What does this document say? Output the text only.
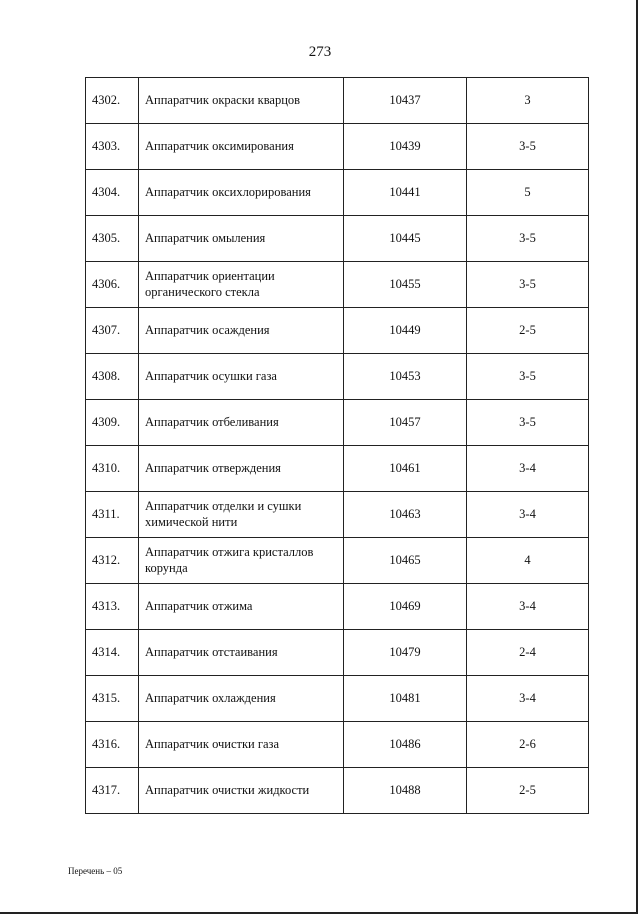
273
4302.	Аппаратчик окраски кварцов	10437	3
4303.	Аппаратчик оксимирования	10439	3-5
4304.	Аппаратчик оксихлорирования	10441	5
4305.	Аппаратчик омыления	10445	3-5
4306.	Аппаратчик ориентации органического стекла	10455	3-5
4307.	Аппаратчик осаждения	10449	2-5
4308.	Аппаратчик осушки газа	10453	3-5
4309.	Аппаратчик отбеливания	10457	3-5
4310.	Аппаратчик отверждения	10461	3-4
4311.	Аппаратчик отделки и сушки химической нити	10463	3-4
4312.	Аппаратчик отжига кристаллов корунда	10465	4
4313.	Аппаратчик отжима	10469	3-4
4314.	Аппаратчик отстаивания	10479	2-4
4315.	Аппаратчик охлаждения	10481	3-4
4316.	Аппаратчик очистки газа	10486	2-6
4317.	Аппаратчик очистки жидкости	10488	2-5
Перечень – 05
